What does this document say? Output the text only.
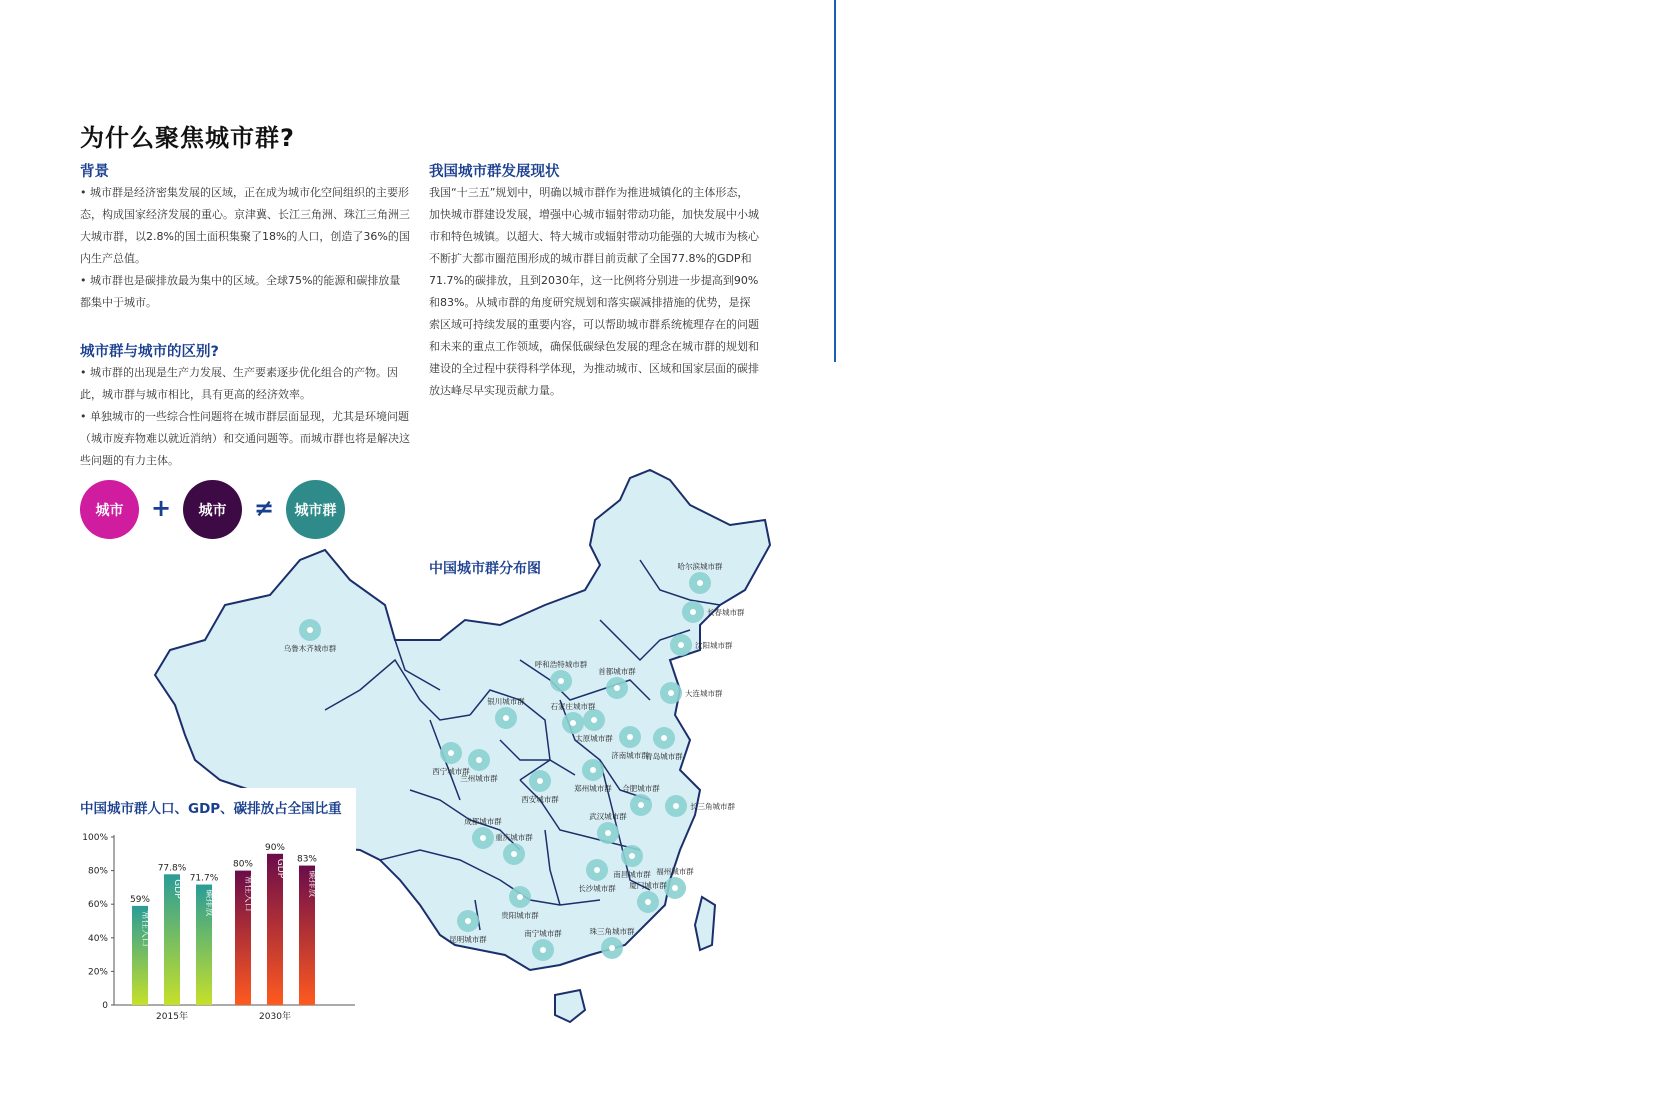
为什么聚焦城市群?
背景

• 城市群是经济密集发展的区域，正在成为城市化空间组织的主要形态，构成国家经济发展的重心。京津冀、长江三角洲、珠江三角洲三大城市群，以2.8%的国土面积集聚了18%的人口，创造了36%的国内生产总值。

• 城市群也是碳排放最为集中的区域。全球75%的能源和碳排放量都集中于城市。

城市群与城市的区别?

• 城市群的出现是生产力发展、生产要素逐步优化组合的产物。因此，城市群与城市相比，具有更高的经济效率。

• 单独城市的一些综合性问题将在城市群层面显现，尤其是环境问题（城市废弃物难以就近消纳）和交通问题等。而城市群也将是解决这些问题的有力主体。

我国城市群发展现状

我国“十三五”规划中，明确以城市群作为推进城镇化的主体形态，加快城市群建设发展，增强中心城市辐射带动功能，加快发展中小城市和特色城镇。以超大、特大城市或辐射带动功能强的大城市为核心不断扩大都市圈范围形成的城市群目前贡献了全国77.8%的GDP和71.7%的碳排放，且到2030年，这一比例将分别进一步提高到90%和83%。从城市群的角度研究规划和落实碳减排措施的优势，是探索区域可持续发展的重要内容，可以帮助城市群系统梳理存在的问题和未来的重点工作领域，确保低碳绿色发展的理念在城市群的规划和建设的全过程中获得科学体现，为推动城市、区域和国家层面的碳排放达峰尽早实现贡献力量。

城市	+	城市	≠	城市群
乌鲁木齐城市群
哈尔滨城市群
长春城市群
沈阳城市群
呼和浩特城市群
首都城市群
大连城市群
银川城市群
石家庄城市群
太原城市群
济南城市群
青岛城市群
西宁城市群
兰州城市群
郑州城市群
西安城市群
合肥城市群
长三角城市群
成都城市群
武汉城市群
重庆城市群
南昌城市群 福州城市群
长沙城市群 厦门城市群
贵阳城市群
昆明城市群
南宁城市群	珠三角城市群
中国城市群分布图
中国城市群人口、GDP、碳排放占全国比重
100%
80%
60%
40%
20%
0
59%
常住人口
77.8%
GDP
71.7%
碳排放
2015年
80%
常住人口
90%
GDP 83%
碳排放
2030年
